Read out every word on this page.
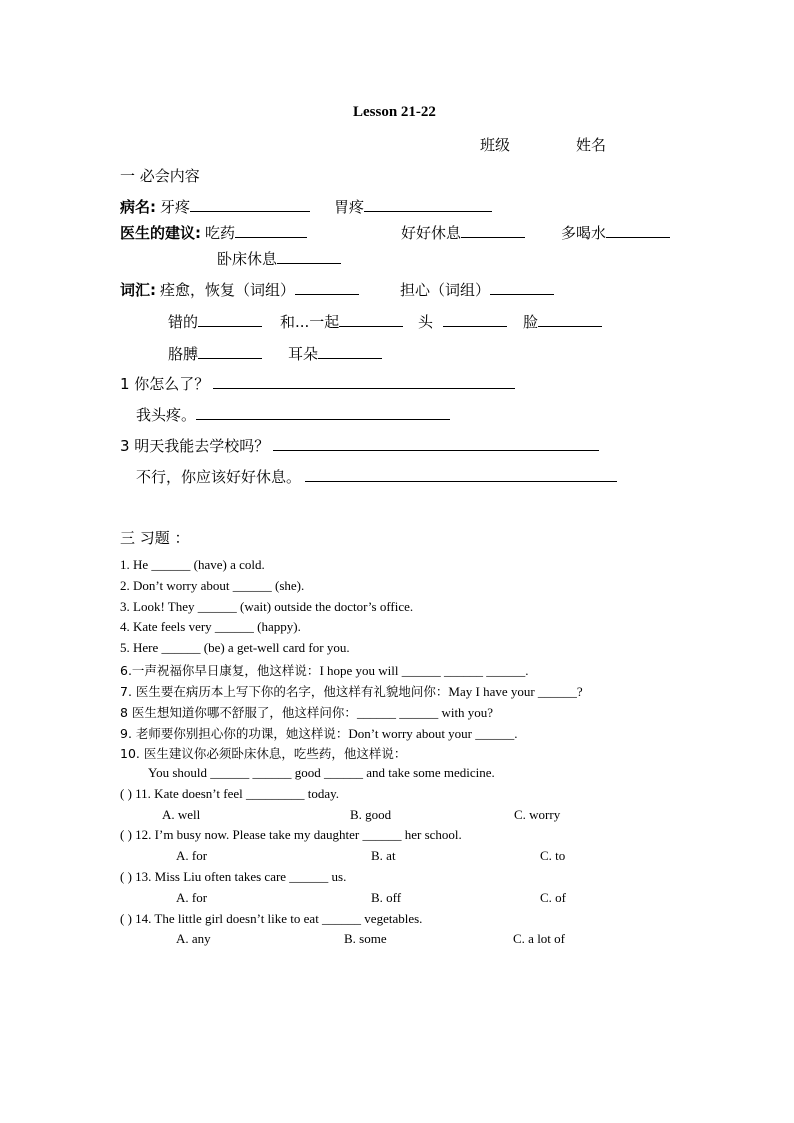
Lesson 21-22
班级	姓名
一 必会内容
病名: 牙疼	胃疼
医生的建议: 吃药	好好休息	多喝水
卧床休息
词汇: 痊愈，恢复（词组）	担心（词组）
错的	和...一起	头	脸
胳膊	耳朵
1 你怎么了？
我头疼。
3 明天我能去学校吗？
不行，你应该好好休息。
三 习题 ：
1. He ______ (have) a cold.
2. Don’t worry about ______ (she).
3. Look! They ______ (wait) outside the doctor’s office.
4. Kate feels very ______ (happy).
5. Here ______ (be) a get-well card for you.
6.一声祝福你早日康复，他这样说：I hope you will ______ ______ ______.
7. 医生要在病历本上写下你的名字，他这样有礼貌地问你：May I have your ______?
8 医生想知道你哪不舒服了，他这样问你：______ ______ with you?
9. 老师要你别担心你的功课，她这样说：Don’t worry about your ______.
10. 医生建议你必须卧床休息，吃些药，他这样说：
You should ______ ______ good ______ and take some medicine.
( ) 11. Kate doesn’t feel _________ today.
A. well	B. good	C. worry
( ) 12. I’m busy now. Please take my daughter ______ her school.
A. for	B. at	C. to
( ) 13. Miss Liu often takes care ______ us.
A. for	B. off	C. of
( ) 14. The little girl doesn’t like to eat ______ vegetables.
A. any	B. some	C. a lot of
